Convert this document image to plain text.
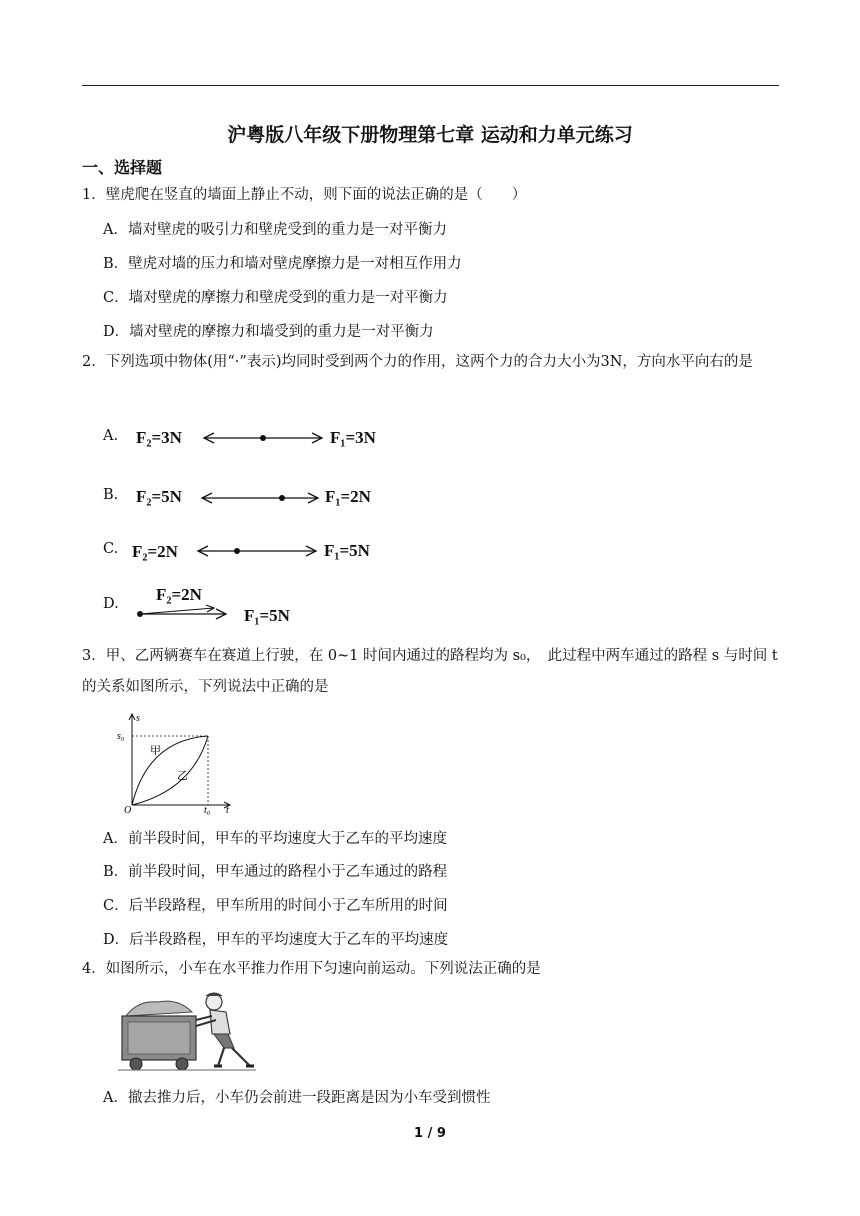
沪粤版八年级下册物理第七章 运动和力单元练习
一、选择题
1．壁虎爬在竖直的墙面上静止不动，则下面的说法正确的是（　　）
A．墙对壁虎的吸引力和壁虎受到的重力是一对平衡力
B．壁虎对墙的压力和墙对壁虎摩擦力是一对相互作用力
C．墙对壁虎的摩擦力和壁虎受到的重力是一对平衡力
D．墙对壁虎的摩擦力和墙受到的重力是一对平衡力
2．下列选项中物体(用“·”表示)均同时受到两个力的作用，这两个力的合力大小为3N，方向水平向右的是
A. F₂=3N	F₁=3N
B. F₂=5N	F₁=2N
C. F₂=2N	F₁=5N
D. F₂=2N
F₁=5N
3．甲、乙两辆赛车在赛道上行驶，在 0~1 时间内通过的路程均为 s₀，　此过程中两车通过的路程 s 与时间 t 的关系如图所示，下列说法中正确的是
s
s₀
甲
乙
O	t₀ t
A．前半段时间，甲车的平均速度大于乙车的平均速度
B．前半段时间，甲车通过的路程小于乙车通过的路程
C．后半段路程，甲车所用的时间小于乙车所用的时间
D．后半段路程，甲车的平均速度大于乙车的平均速度
4．如图所示，小车在水平推力作用下匀速向前运动。下列说法正确的是
A．撤去推力后，小车仍会前进一段距离是因为小车受到惯性
1 / 9
